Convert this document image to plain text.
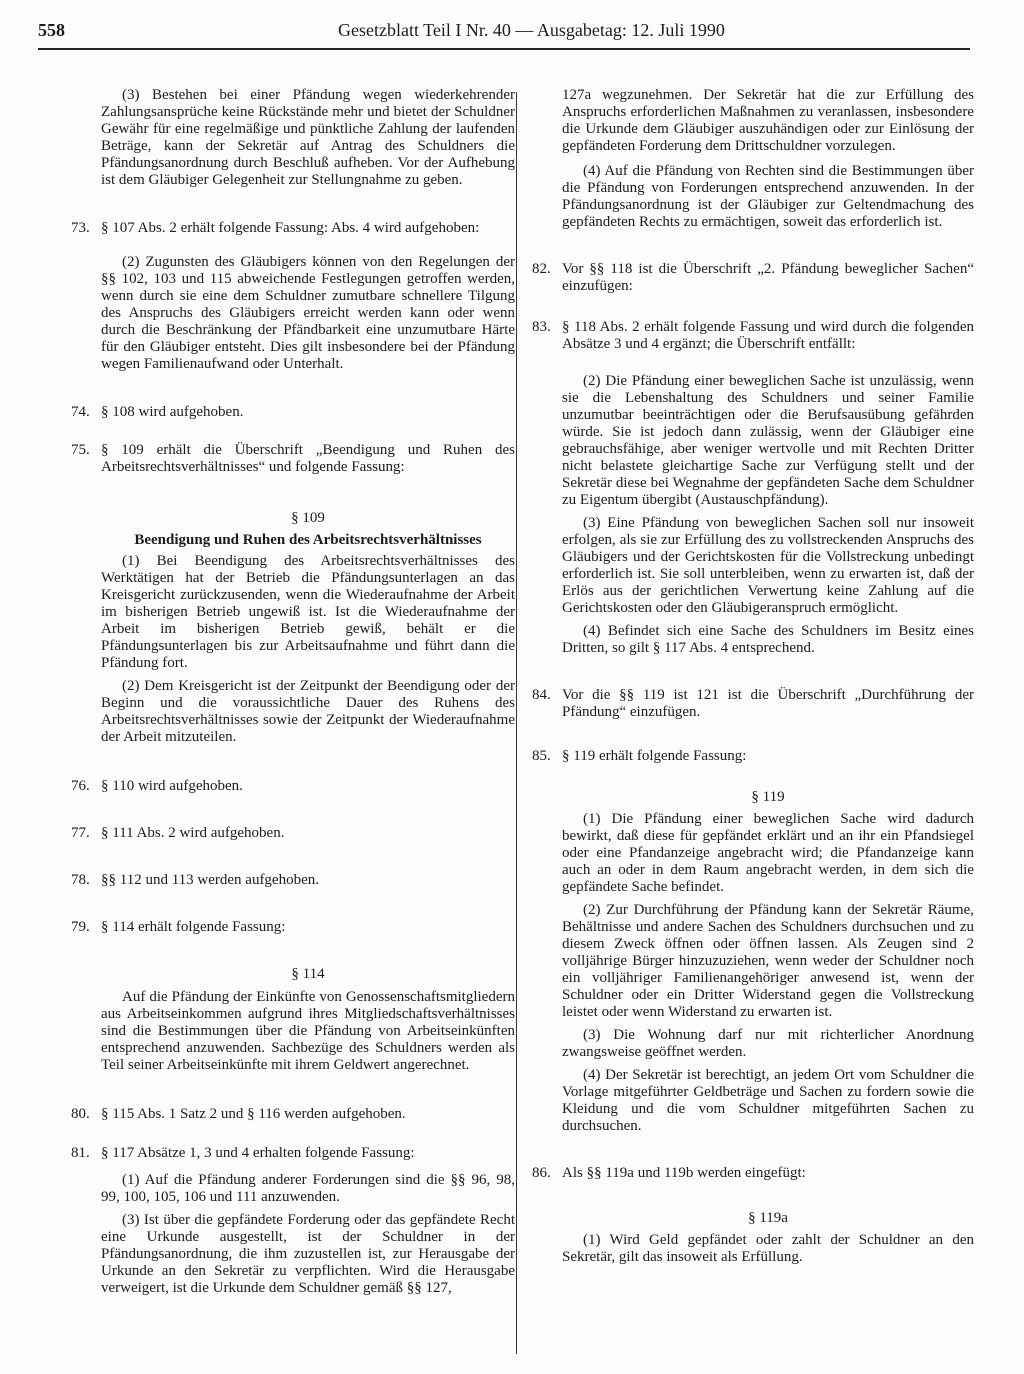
558	Gesetzblatt Teil I Nr. 40 — Ausgabetag: 12. Juli 1990

(3) Bestehen bei einer Pfändung wegen wiederkehrender Zahlungsansprüche keine Rückstände mehr und bietet der Schuldner Gewähr für eine regelmäßige und pünktliche Zahlung der laufenden Beträge, kann der Sekretär auf Antrag des Schuldners die Pfändungsanordnung durch Beschluß aufheben. Vor der Aufhebung ist dem Gläubiger Gelegenheit zur Stellungnahme zu geben.

73. § 107 Abs. 2 erhält folgende Fassung: Abs. 4 wird aufgehoben:

(2) Zugunsten des Gläubigers können von den Regelungen der §§ 102, 103 und 115 abweichende Festlegungen getroffen werden, wenn durch sie eine dem Schuldner zumutbare schnellere Tilgung des Anspruchs des Gläubigers erreicht werden kann oder wenn durch die Beschränkung der Pfändbarkeit eine unzumutbare Härte für den Gläubiger entsteht. Dies gilt insbesondere bei der Pfändung wegen Familienaufwand oder Unterhalt.

74. § 108 wird aufgehoben.
75. § 109 erhält die Überschrift „Beendigung und Ruhen des Arbeitsrechtsverhältnisses“ und folgende Fassung:

§ 109

Beendigung und Ruhen des Arbeitsrechtsverhältnisses

(1) Bei Beendigung des Arbeitsrechtsverhältnisses des Werktätigen hat der Betrieb die Pfändungsunterlagen an das Kreisgericht zurückzusenden, wenn die Wiederaufnahme der Arbeit im bisherigen Betrieb ungewiß ist. Ist die Wiederaufnahme der Arbeit im bisherigen Betrieb gewiß, behält er die Pfändungsunterlagen bis zur Arbeitsaufnahme und führt dann die Pfändung fort.

(2) Dem Kreisgericht ist der Zeitpunkt der Beendigung oder der Beginn und die voraussichtliche Dauer des Ruhens des Arbeitsrechtsverhältnisses sowie der Zeitpunkt der Wiederaufnahme der Arbeit mitzuteilen.

76. § 110 wird aufgehoben.
77. § 111 Abs. 2 wird aufgehoben.
78. §§ 112 und 113 werden aufgehoben.
79. § 114 erhält folgende Fassung:

§ 114

Auf die Pfändung der Einkünfte von Genossenschaftsmitgliedern aus Arbeitseinkommen aufgrund ihres Mitgliedschaftsverhältnisses sind die Bestimmungen über die Pfändung von Arbeitseinkünften entsprechend anzuwenden. Sachbezüge des Schuldners werden als Teil seiner Arbeitseinkünfte mit ihrem Geldwert angerechnet.

80. § 115 Abs. 1 Satz 2 und § 116 werden aufgehoben.
81. § 117 Absätze 1, 3 und 4 erhalten folgende Fassung:

(1) Auf die Pfändung anderer Forderungen sind die §§ 96, 98, 99, 100, 105, 106 und 111 anzuwenden.

(3) Ist über die gepfändete Forderung oder das gepfändete Recht eine Urkunde ausgestellt, ist der Schuldner in der Pfändungsanordnung, die ihm zuzustellen ist, zur Herausgabe der Urkunde an den Sekretär zu verpflichten. Wird die Herausgabe verweigert, ist die Urkunde dem Schuldner gemäß §§ 127,

127a wegzunehmen. Der Sekretär hat die zur Erfüllung des Anspruchs erforderlichen Maßnahmen zu veranlassen, insbesondere die Urkunde dem Gläubiger auszuhändigen oder zur Einlösung der gepfändeten Forderung dem Drittschuldner vorzulegen.

(4) Auf die Pfändung von Rechten sind die Bestimmungen über die Pfändung von Forderungen entsprechend anzuwenden. In der Pfändungsanordnung ist der Gläubiger zur Geltendmachung des gepfändeten Rechts zu ermächtigen, soweit das erforderlich ist.

82. Vor §§ 118 ist die Überschrift „2. Pfändung beweglicher Sachen“ einzufügen:
83. § 118 Abs. 2 erhält folgende Fassung und wird durch die folgenden Absätze 3 und 4 ergänzt; die Überschrift entfällt:

(2) Die Pfändung einer beweglichen Sache ist unzulässig, wenn sie die Lebenshaltung des Schuldners und seiner Familie unzumutbar beeinträchtigen oder die Berufsausübung gefährden würde. Sie ist jedoch dann zulässig, wenn der Gläubiger eine gebrauchsfähige, aber weniger wertvolle und mit Rechten Dritter nicht belastete gleichartige Sache zur Verfügung stellt und der Sekretär diese bei Wegnahme der gepfändeten Sache dem Schuldner zu Eigentum übergibt (Austauschpfändung).

(3) Eine Pfändung von beweglichen Sachen soll nur insoweit erfolgen, als sie zur Erfüllung des zu vollstreckenden Anspruchs des Gläubigers und der Gerichtskosten für die Vollstreckung unbedingt erforderlich ist. Sie soll unterbleiben, wenn zu erwarten ist, daß der Erlös aus der gerichtlichen Verwertung keine Zahlung auf die Gerichtskosten oder den Gläubigeranspruch ermöglicht.

(4) Befindet sich eine Sache des Schuldners im Besitz eines Dritten, so gilt § 117 Abs. 4 entsprechend.

84. Vor die §§ 119 ist 121 ist die Überschrift „Durchführung der Pfändung“ einzufügen.
85. § 119 erhält folgende Fassung:

§ 119

(1) Die Pfändung einer beweglichen Sache wird dadurch bewirkt, daß diese für gepfändet erklärt und an ihr ein Pfandsiegel oder eine Pfandanzeige angebracht wird; die Pfandanzeige kann auch an oder in dem Raum angebracht werden, in dem sich die gepfändete Sache befindet.

(2) Zur Durchführung der Pfändung kann der Sekretär Räume, Behältnisse und andere Sachen des Schuldners durchsuchen und zu diesem Zweck öffnen oder öffnen lassen. Als Zeugen sind 2 volljährige Bürger hinzuzuziehen, wenn weder der Schuldner noch ein volljähriger Familienangehöriger anwesend ist, wenn der Schuldner oder ein Dritter Widerstand gegen die Vollstreckung leistet oder wenn Widerstand zu erwarten ist.

(3) Die Wohnung darf nur mit richterlicher Anordnung zwangsweise geöffnet werden.

(4) Der Sekretär ist berechtigt, an jedem Ort vom Schuldner die Vorlage mitgeführter Geldbeträge und Sachen zu fordern sowie die Kleidung und die vom Schuldner mitgeführten Sachen zu durchsuchen.

86. Als §§ 119a und 119b werden eingefügt:

§ 119a

(1) Wird Geld gepfändet oder zahlt der Schuldner an den Sekretär, gilt das insoweit als Erfüllung.
